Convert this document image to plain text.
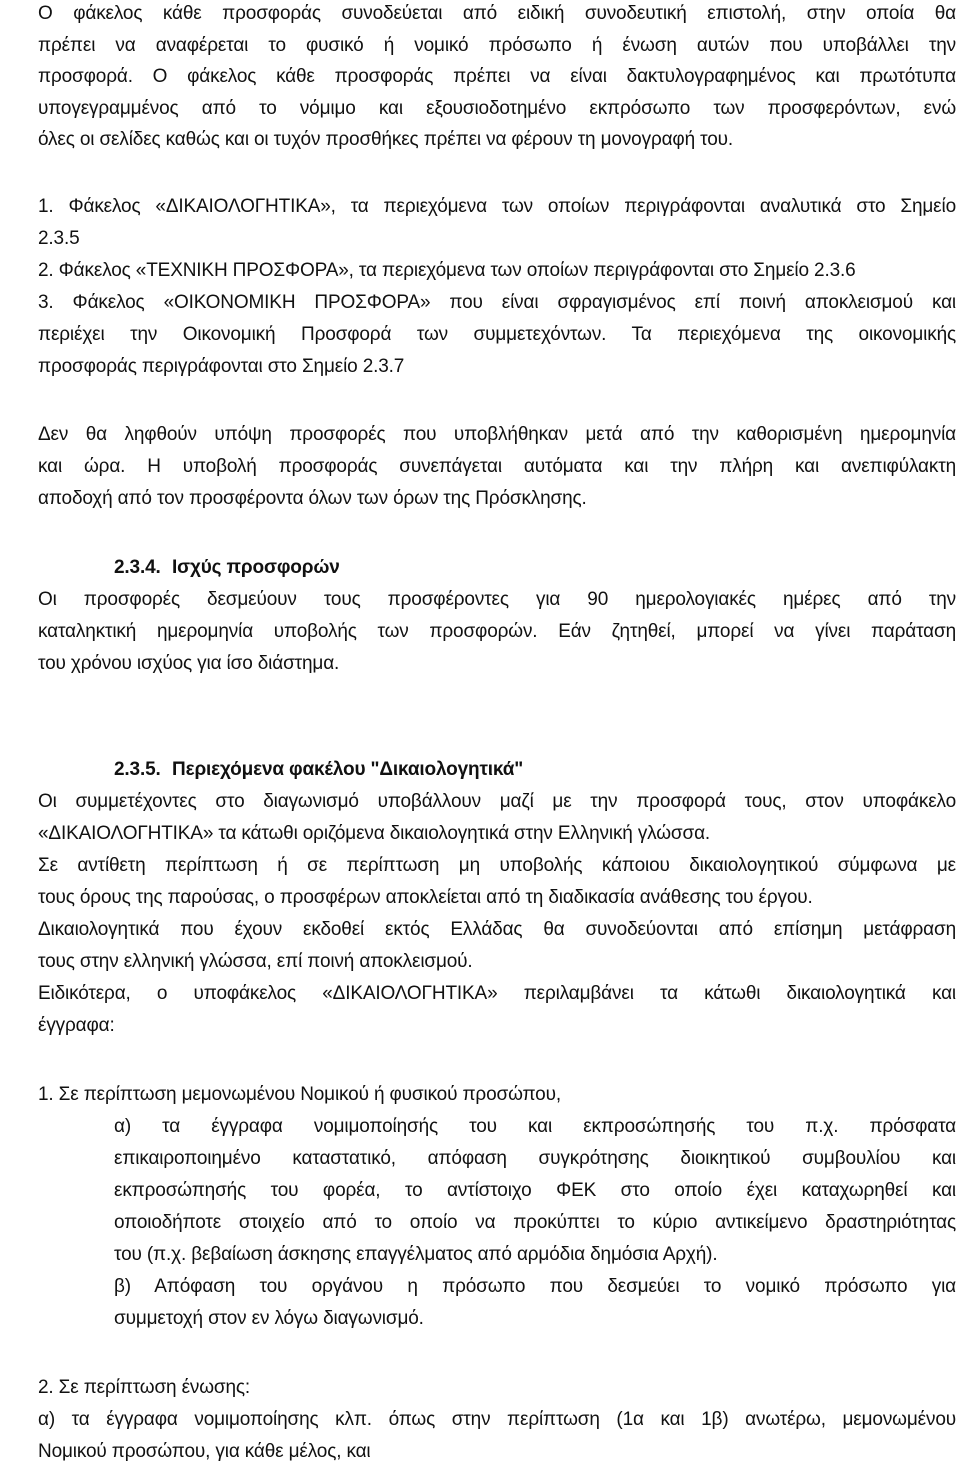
Ο φάκελος κάθε προσφοράς συνοδεύεται από ειδική συνοδευτική επιστολή, στην οποία θα
πρέπει να αναφέρεται το φυσικό ή νομικό πρόσωπο ή ένωση αυτών που υποβάλλει την
προσφορά. Ο φάκελος κάθε προσφοράς πρέπει να είναι δακτυλογραφημένος και πρωτότυπα
υπογεγραμμένος από το νόμιμο και εξουσιοδοτημένο εκπρόσωπο των προσφερόντων, ενώ
όλες οι σελίδες καθώς και οι τυχόν προσθήκες πρέπει να φέρουν τη μονογραφή του.
1. Φάκελος «ΔΙΚΑΙΟΛΟΓΗΤΙΚΑ», τα περιεχόμενα των οποίων περιγράφονται αναλυτικά στο Σημείο
2.3.5
2. Φάκελος «ΤΕΧΝΙΚΗ ΠΡΟΣΦΟΡΑ», τα περιεχόμενα των οποίων περιγράφονται στο Σημείο 2.3.6
3. Φάκελος «ΟΙΚΟΝΟΜΙΚΗ ΠΡΟΣΦΟΡΑ» που είναι σφραγισμένος επί ποινή αποκλεισμού και
περιέχει την Οικονομική Προσφορά των συμμετεχόντων. Τα περιεχόμενα της οικονομικής
προσφοράς περιγράφονται στο Σημείο 2.3.7
Δεν θα ληφθούν υπόψη προσφορές που υποβλήθηκαν μετά από την καθορισμένη ημερομηνία
και ώρα. Η υποβολή προσφοράς συνεπάγεται αυτόματα και την πλήρη και ανεπιφύλακτη
αποδοχή από τον προσφέροντα όλων των όρων της Πρόσκλησης.
2.3.4. Ισχύς προσφορών
Οι προσφορές δεσμεύουν τους προσφέροντες για 90 ημερολογιακές ημέρες από την
καταληκτική ημερομηνία υποβολής των προσφορών. Εάν ζητηθεί, μπορεί να γίνει παράταση
του χρόνου ισχύος για ίσο διάστημα.
2.3.5. Περιεχόμενα φακέλου "Δικαιολογητικά"
Οι συμμετέχοντες στο διαγωνισμό υποβάλλουν μαζί με την προσφορά τους, στον υποφάκελο
«ΔΙΚΑΙΟΛΟΓΗΤΙΚΑ» τα κάτωθι οριζόμενα δικαιολογητικά στην Ελληνική γλώσσα.
Σε αντίθετη περίπτωση ή σε περίπτωση μη υποβολής κάποιου δικαιολογητικού σύμφωνα με
τους όρους της παρούσας, ο προσφέρων αποκλείεται από τη διαδικασία ανάθεσης του έργου.
Δικαιολογητικά που έχουν εκδοθεί εκτός Ελλάδας θα συνοδεύονται από επίσημη μετάφραση
τους στην ελληνική γλώσσα, επί ποινή αποκλεισμού.
Ειδικότερα, ο υποφάκελος «ΔΙΚΑΙΟΛΟΓΗΤΙΚΑ» περιλαμβάνει τα κάτωθι δικαιολογητικά και
έγγραφα:
1. Σε περίπτωση μεμονωμένου Νομικού ή φυσικού προσώπου,
α) τα έγγραφα νομιμοποίησής του και εκπροσώπησής του π.χ. πρόσφατα
επικαιροποιημένο καταστατικό, απόφαση συγκρότησης διοικητικού συμβουλίου και
εκπροσώπησής του φορέα, το αντίστοιχο ΦΕΚ στο οποίο έχει καταχωρηθεί και
οποιοδήποτε στοιχείο από το οποίο να προκύπτει το κύριο αντικείμενο δραστηριότητας
του (π.χ. βεβαίωση άσκησης επαγγέλματος από αρμόδια δημόσια Αρχή).
β) Απόφαση του οργάνου η πρόσωπο που δεσμεύει το νομικό πρόσωπο για
συμμετοχή στον εν λόγω διαγωνισμό.
2. Σε περίπτωση ένωσης:
α) τα έγγραφα νομιμοποίησης κλπ. όπως στην περίπτωση (1α και 1β) ανωτέρω, μεμονωμένου
Νομικού προσώπου, για κάθε μέλος, και
